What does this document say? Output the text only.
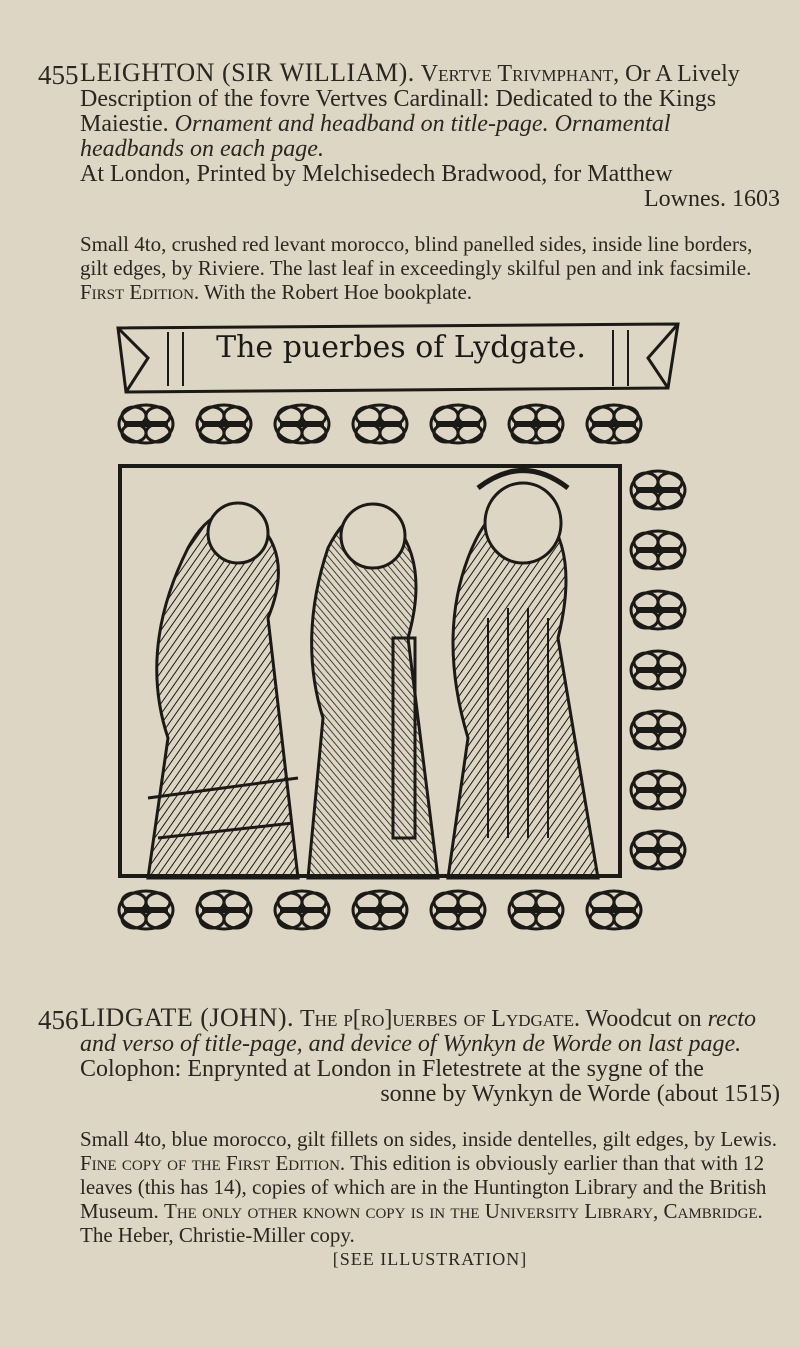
455 LEIGHTON (SIR WILLIAM). Vertve Trivmphant, Or A Lively Description of the fovre Vertves Cardinall: Dedicated to the Kings Maiestie. Ornament and headband on title-page. Ornamental headbands on each page.
At London, Printed by Melchisedech Bradwood, for Matthew
Lownes. 1603

Small 4to, crushed red levant morocco, blind panelled sides, inside line borders, gilt edges, by Riviere. The last leaf in exceedingly skilful pen and ink facsimile.

First Edition. With the Robert Hoe bookplate.

The puerbes of Lydgate.
456 LIDGATE (JOHN). The p[ro]uerbes of Lydgate. Woodcut on recto and verso of title-page, and device of Wynkyn de Worde on last page.
Colophon: Enprynted at London in Fletestrete at the sygne of the
sonne by Wynkyn de Worde (about 1515)

Small 4to, blue morocco, gilt fillets on sides, inside dentelles, gilt edges, by Lewis.

Fine copy of the First Edition. This edition is obviously earlier than that with 12 leaves (this has 14), copies of which are in the Huntington Library and the British Museum. The only other known copy is in the University Library, Cambridge.

The Heber, Christie-Miller copy.

[SEE ILLUSTRATION]
